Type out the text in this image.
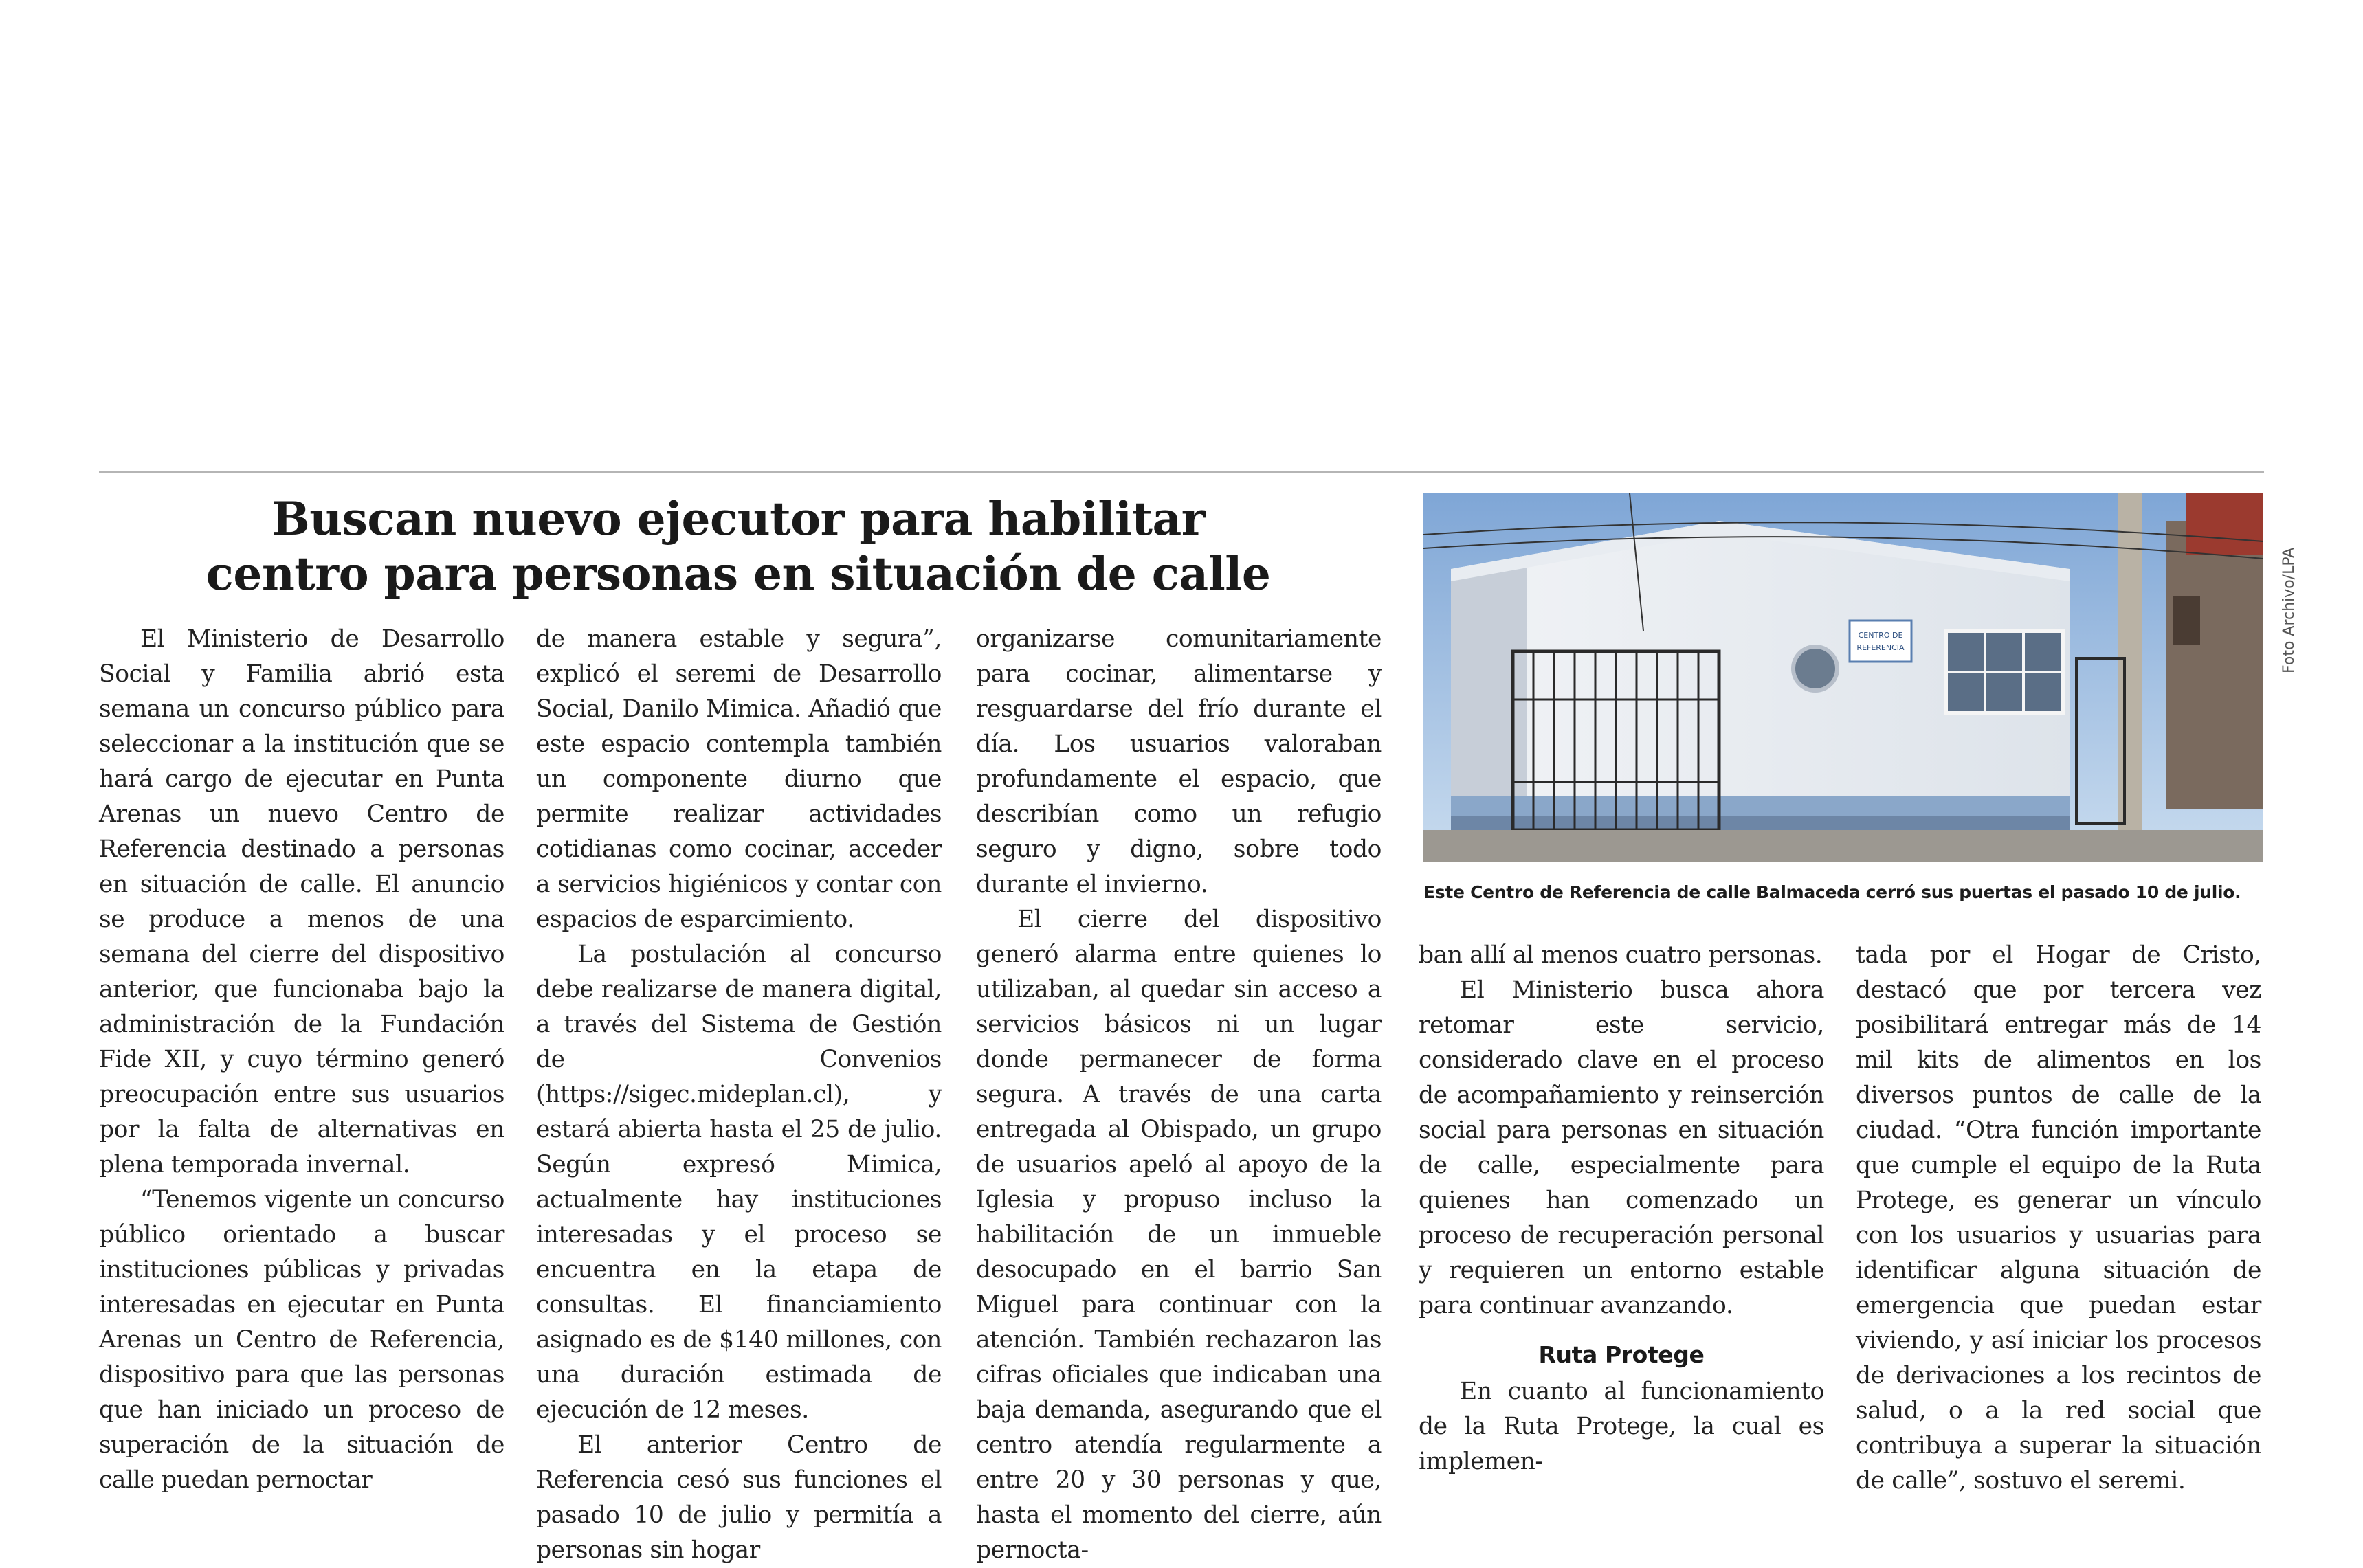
Buscan nuevo ejecutor para habilitar
centro para personas en situación de calle

El Ministerio de Desarrollo Social y Familia abrió esta semana un concurso público para seleccionar a la institución que se hará cargo de ejecutar en Punta Arenas un nuevo Centro de Referencia destinado a personas en situación de calle. El anuncio se produce a menos de una semana del cierre del dispositivo anterior, que funcionaba bajo la administración de la Fundación Fide XII, y cuyo término generó preocupación entre sus usuarios por la falta de alternativas en plena temporada invernal.

“Tenemos vigente un concurso público orientado a buscar instituciones públicas y privadas interesadas en ejecutar en Punta Arenas un Centro de Referencia, dispositivo para que las personas que han iniciado un proceso de superación de la situación de calle puedan pernoctar

de manera estable y segura”, explicó el seremi de Desarrollo Social, Danilo Mimica. Añadió que este espacio contempla también un componente diurno que permite realizar actividades cotidianas como cocinar, acceder a servicios higiénicos y contar con espacios de esparcimiento.

La postulación al concurso debe realizarse de manera digital, a través del Sistema de Gestión de Convenios (https://sigec.mideplan.cl), y estará abierta hasta el 25 de julio. Según expresó Mimica, actualmente hay instituciones interesadas y el proceso se encuentra en la etapa de consultas. El financiamiento asignado es de $140 millones, con una duración estimada de ejecución de 12 meses.

El anterior Centro de Referencia cesó sus funciones el pasado 10 de julio y permitía a personas sin hogar

organizarse comunitariamente para cocinar, alimentarse y resguardarse del frío durante el día. Los usuarios valoraban profundamente el espacio, que describían como un refugio seguro y digno, sobre todo durante el invierno.

El cierre del dispositivo generó alarma entre quienes lo utilizaban, al quedar sin acceso a servicios básicos ni un lugar donde permanecer de forma segura. A través de una carta entregada al Obispado, un grupo de usuarios apeló al apoyo de la Iglesia y propuso incluso la habilitación de un inmueble desocupado en el barrio San Miguel para continuar con la atención. También rechazaron las cifras oficiales que indicaban una baja demanda, asegurando que el centro atendía regularmente a entre 20 y 30 personas y que, hasta el momento del cierre, aún pernocta-

CENTRO DE
REFERENCIA	Foto Archivo/LPA
Este Centro de Referencia de calle Balmaceda cerró sus puertas el pasado 10 de julio.

ban allí al menos cuatro personas.

El Ministerio busca ahora retomar este servicio, considerado clave en el proceso de acompañamiento y reinserción social para personas en situación de calle, especialmente para quienes han comenzado un proceso de recuperación personal y requieren un entorno estable para continuar avanzando.

Ruta Protege

En cuanto al funcionamiento de la Ruta Protege, la cual es implemen-

tada por el Hogar de Cristo, destacó que por tercera vez posibilitará entregar más de 14 mil kits de alimentos en los diversos puntos de calle de la ciudad. “Otra función importante que cumple el equipo de la Ruta Protege, es generar un vínculo con los usuarios y usuarias para identificar alguna situación de emergencia que puedan estar viviendo, y así iniciar los procesos de derivaciones a los recintos de salud, o a la red social que contribuya a superar la situación de calle”, sostuvo el seremi.
